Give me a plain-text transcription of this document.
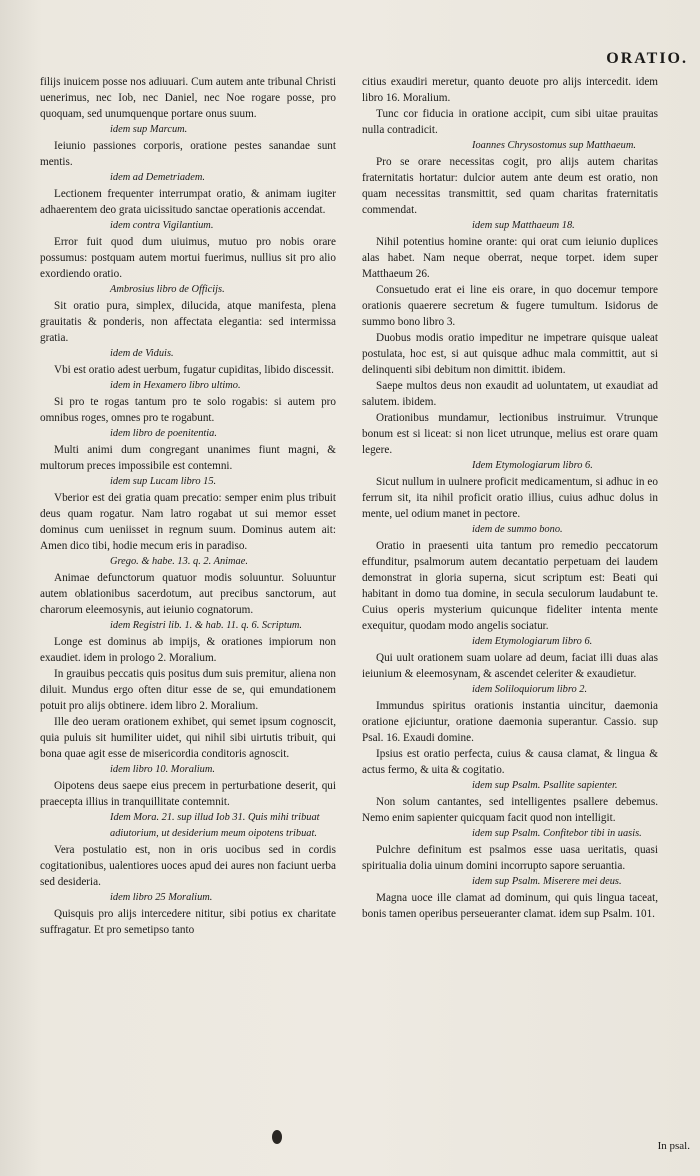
ORATIO.

filijs inuicem posse nos adiuuari. Cum autem ante tribunal Christi uenerimus, nec Iob, nec Daniel, nec Noe rogare posse, pro quoquam, sed unumquenque portare onus suum.

idem sup Marcum.

Ieiunio passiones corporis, oratione pestes sanandae sunt mentis.

idem ad Demetriadem.

Lectionem frequenter interrumpat oratio, & animam iugiter adhaerentem deo grata uicissitudo sanctae operationis accendat.

idem contra Vigilantium.

Error fuit quod dum uiuimus, mutuo pro nobis orare possumus: postquam autem mortui fuerimus, nullius sit pro alio exordiendo oratio.

Ambrosius libro de Officijs.

Sit oratio pura, simplex, dilucida, atque manifesta, plena grauitatis & ponderis, non affectata elegantia: sed intermissa gratia.

idem de Viduis.

Vbi est oratio adest uerbum, fugatur cupiditas, libido discessit.

idem in Hexamero libro ultimo.

Si pro te rogas tantum pro te solo rogabis: si autem pro omnibus roges, omnes pro te rogabunt.

idem libro de poenitentia.

Multi animi dum congregant unanimes fiunt magni, & multorum preces impossibile est contemni.

idem sup Lucam libro 15.

Vberior est dei gratia quam precatio: semper enim plus tribuit deus quam rogatur. Nam latro rogabat ut sui memor esset dominus cum ueniisset in regnum suum. Dominus autem ait: Amen dico tibi, hodie mecum eris in paradiso.

Grego. & habe. 13. q. 2. Animae.

Animae defunctorum quatuor modis soluuntur. Soluuntur autem oblationibus sacerdotum, aut precibus sanctorum, aut charorum eleemosynis, aut ieiunio cognatorum.

idem Registri lib. 1. & hab. 11. q. 6. Scriptum.

Longe est dominus ab impijs, & orationes impiorum non exaudiet. idem in prologo 2. Moralium.

In grauibus peccatis quis positus dum suis premitur, aliena non diluit. Mundus ergo often ditur esse de se, qui emundationem potuit pro alijs obtinere. idem libro 2. Moralium.

Ille deo ueram orationem exhibet, qui semet ipsum cognoscit, quia puluis sit humiliter uidet, qui nihil sibi uirtutis tribuit, qui bona quae agit esse de misericordia conditoris agnoscit.

idem libro 10. Moralium.

Oipotens deus saepe eius precem in perturbatione deserit, qui praecepta illius in tranquillitate contemnit.

Idem Mora. 21. sup illud Iob 31. Quis mihi tribuat adiutorium, ut desiderium meum oipotens tribuat.

Vera postulatio est, non in oris uocibus sed in cordis cogitationibus, ualentiores uoces apud dei aures non faciunt uerba sed desideria.

idem libro 25 Moralium.

Quisquis pro alijs intercedere nititur, sibi potius ex charitate suffragatur. Et pro semetipso tanto

citius exaudiri meretur, quanto deuote pro alijs intercedit. idem libro 16. Moralium.

Tunc cor fiducia in oratione accipit, cum sibi uitae prauitas nulla contradicit.

Ioannes Chrysostomus sup Matthaeum.

Pro se orare necessitas cogit, pro alijs autem charitas fraternitatis hortatur: dulcior autem ante deum est oratio, non quam necessitas transmittit, sed quam charitas fraternitatis commendat.

idem sup Matthaeum 18.

Nihil potentius homine orante: qui orat cum ieiunio duplices alas habet. Nam neque oberrat, neque torpet. idem super Matthaeum 26.

Consuetudo erat ei line eis orare, in quo docemur tempore orationis quaerere secretum & fugere tumultum. Isidorus de summo bono libro 3.

Duobus modis oratio impeditur ne impetrare quisque ualeat postulata, hoc est, si aut quisque adhuc mala committit, aut si delinquenti sibi debitum non dimittit. ibidem.

Saepe multos deus non exaudit ad uoluntatem, ut exaudiat ad salutem. ibidem.

Orationibus mundamur, lectionibus instruimur. Vtrunque bonum est si liceat: si non licet utrunque, melius est orare quam legere.

Idem Etymologiarum libro 6.

Sicut nullum in uulnere proficit medicamentum, si adhuc in eo ferrum sit, ita nihil proficit oratio illius, cuius adhuc dolus in mente, uel odium manet in pectore.

idem de summo bono.

Oratio in praesenti uita tantum pro remedio peccatorum effunditur, psalmorum autem decantatio perpetuam dei laudem demonstrat in gloria superna, sicut scriptum est: Beati qui habitant in domo tua domine, in secula seculorum laudabunt te. Cuius operis mysterium quicunque fideliter intenta mente exequitur, quodam modo angelis sociatur.

idem Etymologiarum libro 6.

Qui uult orationem suam uolare ad deum, faciat illi duas alas ieiunium & eleemosynam, & ascendet celeriter & exaudietur.

idem Soliloquiorum libro 2.

Immundus spiritus orationis instantia uincitur, daemonia oratione ejiciuntur, oratione daemonia superantur. Cassio. sup Psal. 16. Exaudi domine.

Ipsius est oratio perfecta, cuius & causa clamat, & lingua & actus fermo, & uita & cogitatio.

idem sup Psalm. Psallite sapienter.

Non solum cantantes, sed intelligentes psallere debemus. Nemo enim sapienter quicquam facit quod non intelligit.

idem sup Psalm. Confitebor tibi in uasis.

Pulchre definitum est psalmos esse uasa ueritatis, quasi spiritualia dolia uinum domini incorrupto sapore seruantia.

idem sup Psalm. Miserere mei deus.

Magna uoce ille clamat ad dominum, qui quis lingua taceat, bonis tamen operibus perseueranter clamat. idem sup Psalm. 101.

In psal.
